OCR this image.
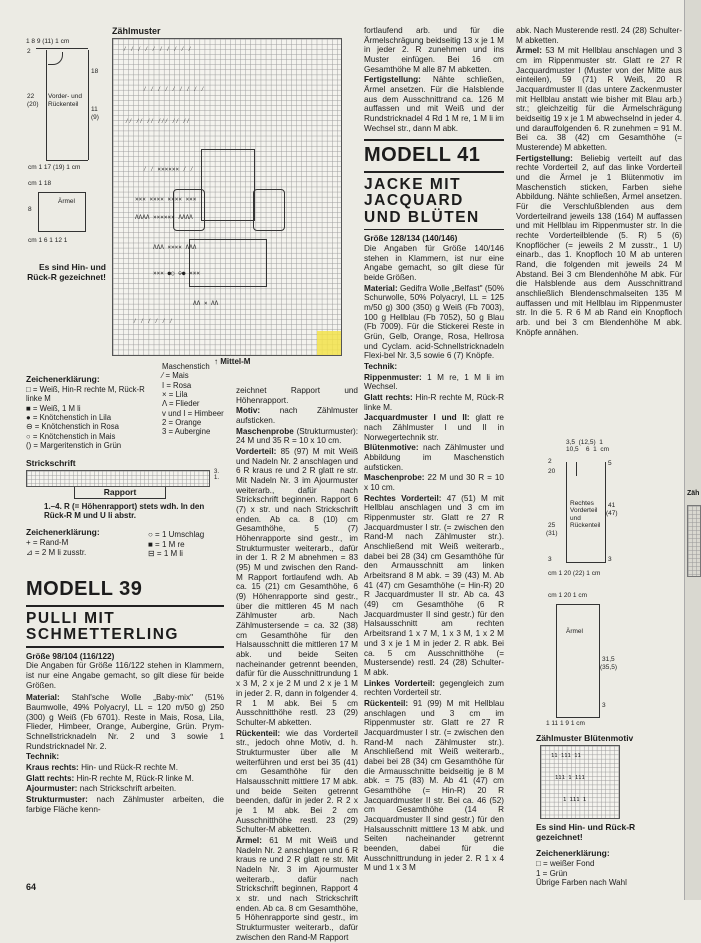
Zäh
1 8 9 (11) 1 cm
2
22
(20)
Vorder- und Rückenteil
18
11
(9)
cm 1 17 (19) 1 cm
cm 1 18
Ärmel
8
cm 1 6 1 12 1
Es sind Hin- und Rück-R gezeichnet!
Zählmuster
⁄ ⁄ ⁄ ⁄ ⁄ ⁄ ⁄ ⁄ ⁄ ⁄
⁄ ⁄ ⁄ ⁄ ⁄ ⁄ ⁄ ⁄ ⁄
⁄⁄ ⁄⁄ ⁄⁄ ⁄⁄⁄ ⁄⁄ ⁄⁄
⁄ ⁄ ×××××× ⁄ ⁄
××× ×××× ×××× ×××
ΛΛΛΛ ×××××× ΛΛΛΛ
ΛΛΛ ×××× ΛΛΛ
××× ●○ ⊖● ×××
ΛΛ × ΛΛ
⁄ ⁄ ⁄ ⁄ ⁄ ⁄
↑ Mittel-M
Zeichenerklärung:
□ = Weiß, Hin-R rechte M, Rück-R linke M
■ = Weiß, 1 M li
● = Knötchenstich in Lila
⊖ = Knötchenstich in Rosa
○ = Knötchenstich in Mais
() = Margeritenstich in Grün
Maschenstich
⁄ = Mais
I = Rosa
× = Lila
Λ = Flieder
v und I = Himbeer
2 = Orange
3 = Aubergine
Strickschrift
3.
1.
Rapport
1.–4. R (= Höhenrapport) stets wdh. In den Rück-R M und U li abstr.
Zeichenerklärung:
+ = Rand-M
⊿ = 2 M li zusstr.
○ = 1 Umschlag
■ = 1 M re
⊟ = 1 M li
MODELL 39
PULLI MIT
SCHMETTERLING

Größe 98/104 (116/122)
Die Angaben für Größe 116/122 stehen in Klammern, ist nur eine Angabe gemacht, so gilt diese für beide Größen.

Material: Stahl'sche Wolle „Baby-mix" (51% Baumwolle, 49% Polyacryl, LL = 120 m/50 g) 250 (300) g Weiß (Fb 6701). Reste in Mais, Rosa, Lila, Flieder, Himbeer, Orange, Aubergine, Grün. Prym-Schnellstricknadeln Nr. 2 und 3 sowie 1 Rundstricknadel Nr. 2.

Technik:

Kraus rechts: Hin- und Rück-R rechte M.

Glatt rechts: Hin-R rechte M, Rück-R linke M.

Ajourmuster: nach Strickschrift arbeiten.

Strukturmuster: nach Zählmuster arbeiten, die farbige Fläche kenn-

64

zeichnet Rapport und Höhenrapport.

Motiv: nach Zählmuster aufsticken.

Maschenprobe (Strukturmuster): 24 M und 35 R = 10 x 10 cm.

Vorderteil: 85 (97) M mit Weiß und Nadeln Nr. 2 anschlagen und 6 R kraus re und 2 R glatt re str. Mit Nadeln Nr. 3 im Ajourmuster weiterarb., dafür nach Strickschrift beginnen. Rapport 6 (7) x str. und nach Strickschrift enden. Ab ca. 8 (10) cm Gesamthöhe, 5 (7) Höhenrapporte sind gestr., im Strukturmuster weiterarb., dafür in der 1. R 2 M abnehmen = 83 (95) M und zwischen den Rand-M Rapport fortlaufend wdh. Ab ca. 15 (21) cm Gesamthöhe, 6 (9) Höhenrapporte sind gestr., über die mittleren 45 M nach Zählmuster arb. Nach Zählmustersende = ca. 32 (38) cm Gesamthöhe für den Halsausschnitt die mittleren 17 M abk. und beide Seiten nacheinander getrennt beenden, dafür für die Ausschnittrundung 1 x 3 M, 2 x je 2 M und 2 x je 1 M in jeder 2. R, dann in folgender 4. R 1 M abk. Bei 5 cm Ausschnitthöhe restl. 23 (29) Schulter-M abketten.

Rückenteil: wie das Vorderteil str., jedoch ohne Motiv, d. h. Strukturmuster über alle M weiterführen und erst bei 35 (41) cm Gesamthöhe für den Halsausschnitt mittlere 17 M abk. und beide Seiten getrennt beenden, dafür in jeder 2. R 2 x je 1 M abk. Bei 2 cm Ausschnitthöhe restl. 23 (29) Schulter-M abketten.

Ärmel: 61 M mit Weiß und Nadeln Nr. 2 anschlagen und 6 R kraus re und 2 R glatt re str. Mit Nadeln Nr. 3 im Ajourmuster weiterarb., dafür nach Strickschrift beginnen, Rapport 4 x str. und nach Strickschrift enden. Ab ca. 8 cm Gesamthöhe, 5 Höhenrapporte sind gestr., im Strukturmuster weiterarb., dafür zwischen den Rand-M Rapport

fortlaufend arb. und für die Ärmelschrägung beidseitig 13 x je 1 M in jeder 2. R zunehmen und ins Muster einfügen. Bei 16 cm Gesamthöhe M alle 87 M abketten.

Fertigstellung: Nähte schließen, Ärmel ansetzen. Für die Halsblende aus dem Ausschnittrand ca. 126 M auffassen und mit Weiß und der Rundstricknadel 4 Rd 1 M re, 1 M li im Wechsel str., dann M abk.

MODELL 41
JACKE MIT
JACQUARD
UND BLÜTEN

Größe 128/134 (140/146)
Die Angaben für Größe 140/146 stehen in Klammern, ist nur eine Angabe gemacht, so gilt diese für beide Größen.

Material: Gedifra Wolle „Belfast" (50% Schurwolle, 50% Polyacryl, LL = 125 m/50 g) 300 (350) g Weiß (Fb 7003), 100 g Hellblau (Fb 7052), 50 g Blau (Fb 7009). Für die Stickerei Reste in Grün, Gelb, Orange, Rosa, Hellrosa und Cyclam. acid-Schnellstricknadeln Flexi-bel Nr. 3,5 sowie 6 (7) Knöpfe.

Technik:

Rippenmuster: 1 M re, 1 M li im Wechsel.

Glatt rechts: Hin-R rechte M, Rück-R linke M.

Jacquardmuster I und II: glatt re nach Zählmuster I und II in Norwegertechnik str.

Blütenmotive: nach Zählmuster und Abbildung im Maschenstich aufsticken.

Maschenprobe: 22 M und 30 R = 10 x 10 cm.

Rechtes Vorderteil: 47 (51) M mit Hellblau anschlagen und 3 cm im Rippenmuster str. Glatt re 27 R Jacquardmuster I str. (= zwischen den Rand-M nach Zählmuster str.). Anschließend mit Weiß weiterarb., dabei bei 28 (34) cm Gesamthöhe für den Armausschnitt am linken Arbeitsrand 8 M abk. = 39 (43) M. Ab 41 (47) cm Gesamthöhe (= Hin-R) 20 R Jacquardmuster II str. Ab ca. 43 (49) cm Gesamthöhe (6 R Jacquardmuster II sind gestr.) für den Halsausschnitt am rechten Arbeitsrand 1 x 7 M, 1 x 3 M, 1 x 2 M und 3 x je 1 M in jeder 2. R abk. Bei ca. 5 cm Ausschnitthöhe (= Mustersende) restl. 24 (28) Schulter-M abk.

Linkes Vorderteil: gegengleich zum rechten Vorderteil str.

Rückenteil: 91 (99) M mit Hellblau anschlagen und 3 cm im Rippenmuster str. Glatt re 27 R Jacquardmuster I str. (= zwischen den Rand-M nach Zählmuster str.). Anschließend mit Weiß weiterarb., dabei bei 28 (34) cm Gesamthöhe für die Armausschnitte beidseitig je 8 M abk. = 75 (83) M. Ab 41 (47) cm Gesamthöhe (= Hin-R) 20 R Jacquardmuster II str. Bei ca. 46 (52) cm Gesamthöhe (14 R Jacquardmuster II sind gestr.) für den Halsausschnitt mittlere 13 M abk. und Seiten nacheinander getrennt beenden, dabei für die Ausschnittrundung in jeder 2. R 1 x 4 M und 1 x 3 M

abk. Nach Musterende restl. 24 (28) Schulter-M abketten.

Ärmel: 53 M mit Hellblau anschlagen und 3 cm im Rippenmuster str. Glatt re 27 R Jacquardmuster I (Muster von der Mitte aus einteilen), 59 (71) R Weiß, 20 R Jacquardmuster II (das untere Zackenmuster mit Hellblau anstatt wie bisher mit Blau arb.) str.; gleichzeitig für die Ärmelschrägung beidseitig 19 x je 1 M abwechselnd in jeder 4. und darauffolgenden 6. R zunehmen = 91 M. Bei ca. 38 (42) cm Gesamthöhe (= Musterende) M abketten.

Fertigstellung: Beliebig verteilt auf das rechte Vorderteil 2, auf das linke Vorderteil und die Ärmel je 1 Blütenmotiv im Maschenstich sticken, Farben siehe Abbildung. Nähte schließen, Ärmel ansetzen. Für die Verschlußblenden aus dem Vorderteilrand jeweils 138 (164) M auffassen und mit Hellblau im Rippenmuster str. In die rechte Vorderteilblende (5. R) 5 (6) Knopflöcher (= jeweils 2 M zusstr., 1 U) einarb., das 1. Knopfloch 10 M ab unteren Rand, die folgenden mit jeweils 24 M Abstand. Bei 3 cm Blendenhöhe M abk. Für die Halsblende aus dem Ausschnittrand anschließlich Blendenschmalseiten 135 M auffassen und mit Hellblau im Rippenmuster str. In die 5. R 6 M ab Rand ein Knopfloch arb. und bei 3 cm Blendenhöhe M abk. Knöpfe annähen.

3,5  (12,5)  1
10,5    6  1  cm
Rechtes Vorderteil und Rückenteil
2
20
25
(31)
3
5
41
(47)
3
cm 1 20 (22) 1 cm
cm 1 20 1 cm
Ärmel
31,5
(35,5)
3
1 11 1 9 1 cm
Zählmuster Blütenmotiv
11 111 11
111 1 111
1 111 1
Es sind Hin- und Rück-R gezeichnet!
Zeichenerklärung:
□ = weißer Fond
1 = Grün
Übrige Farben nach Wahl
